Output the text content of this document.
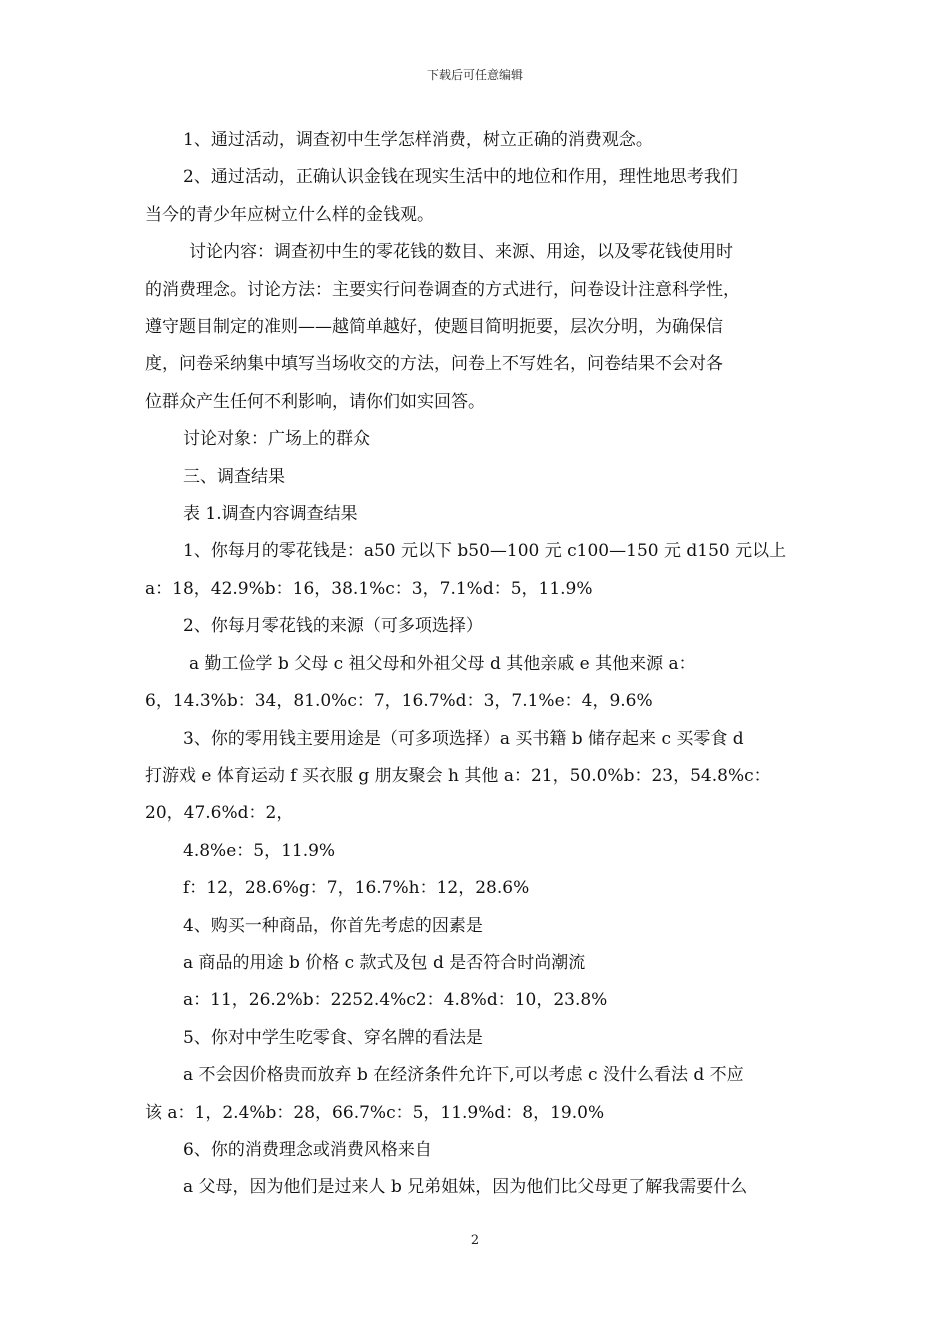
下载后可任意编辑

1、通过活动，调查初中生学怎样消费，树立正确的消费观念。

2、通过活动，正确认识金钱在现实生活中的地位和作用，理性地思考我们

当今的青少年应树立什么样的金钱观。

讨论内容：调查初中生的零花钱的数目、来源、用途，以及零花钱使用时

的消费理念。讨论方法：主要实行问卷调查的方式进行，问卷设计注意科学性，

遵守题目制定的准则——越简单越好，使题目简明扼要，层次分明，为确保信

度，问卷采纳集中填写当场收交的方法，问卷上不写姓名，问卷结果不会对各

位群众产生任何不利影响，请你们如实回答。

讨论对象：广场上的群众

三、调查结果

表 1.调查内容调查结果

1、你每月的零花钱是：a50 元以下 b50—100 元 c100—150 元 d150 元以上

a：18，42.9%b：16，38.1%c：3，7.1%d：5，11.9%

2、你每月零花钱的来源（可多项选择）

a 勤工俭学 b 父母 c 祖父母和外祖父母 d 其他亲戚 e 其他来源 a：

6，14.3%b：34，81.0%c：7，16.7%d：3，7.1%e：4，9.6%

3、你的零用钱主要用途是（可多项选择）a 买书籍 b 储存起来 c 买零食 d

打游戏 e 体育运动 f 买衣服 g 朋友聚会 h 其他 a：21，50.0%b：23，54.8%c：

20，47.6%d：2，

4.8%e：5，11.9%

f：12，28.6%g：7，16.7%h：12，28.6%

4、购买一种商品，你首先考虑的因素是

a 商品的用途 b 价格 c 款式及包 d 是否符合时尚潮流

a：11，26.2%b：2252.4%c2：4.8%d：10，23.8%

5、你对中学生吃零食、穿名牌的看法是

a 不会因价格贵而放弃 b 在经济条件允许下,可以考虑 c 没什么看法 d 不应

该 a：1，2.4%b：28，66.7%c：5，11.9%d：8，19.0%

6、你的消费理念或消费风格来自

a 父母，因为他们是过来人 b 兄弟姐妹，因为他们比父母更了解我需要什么

2
